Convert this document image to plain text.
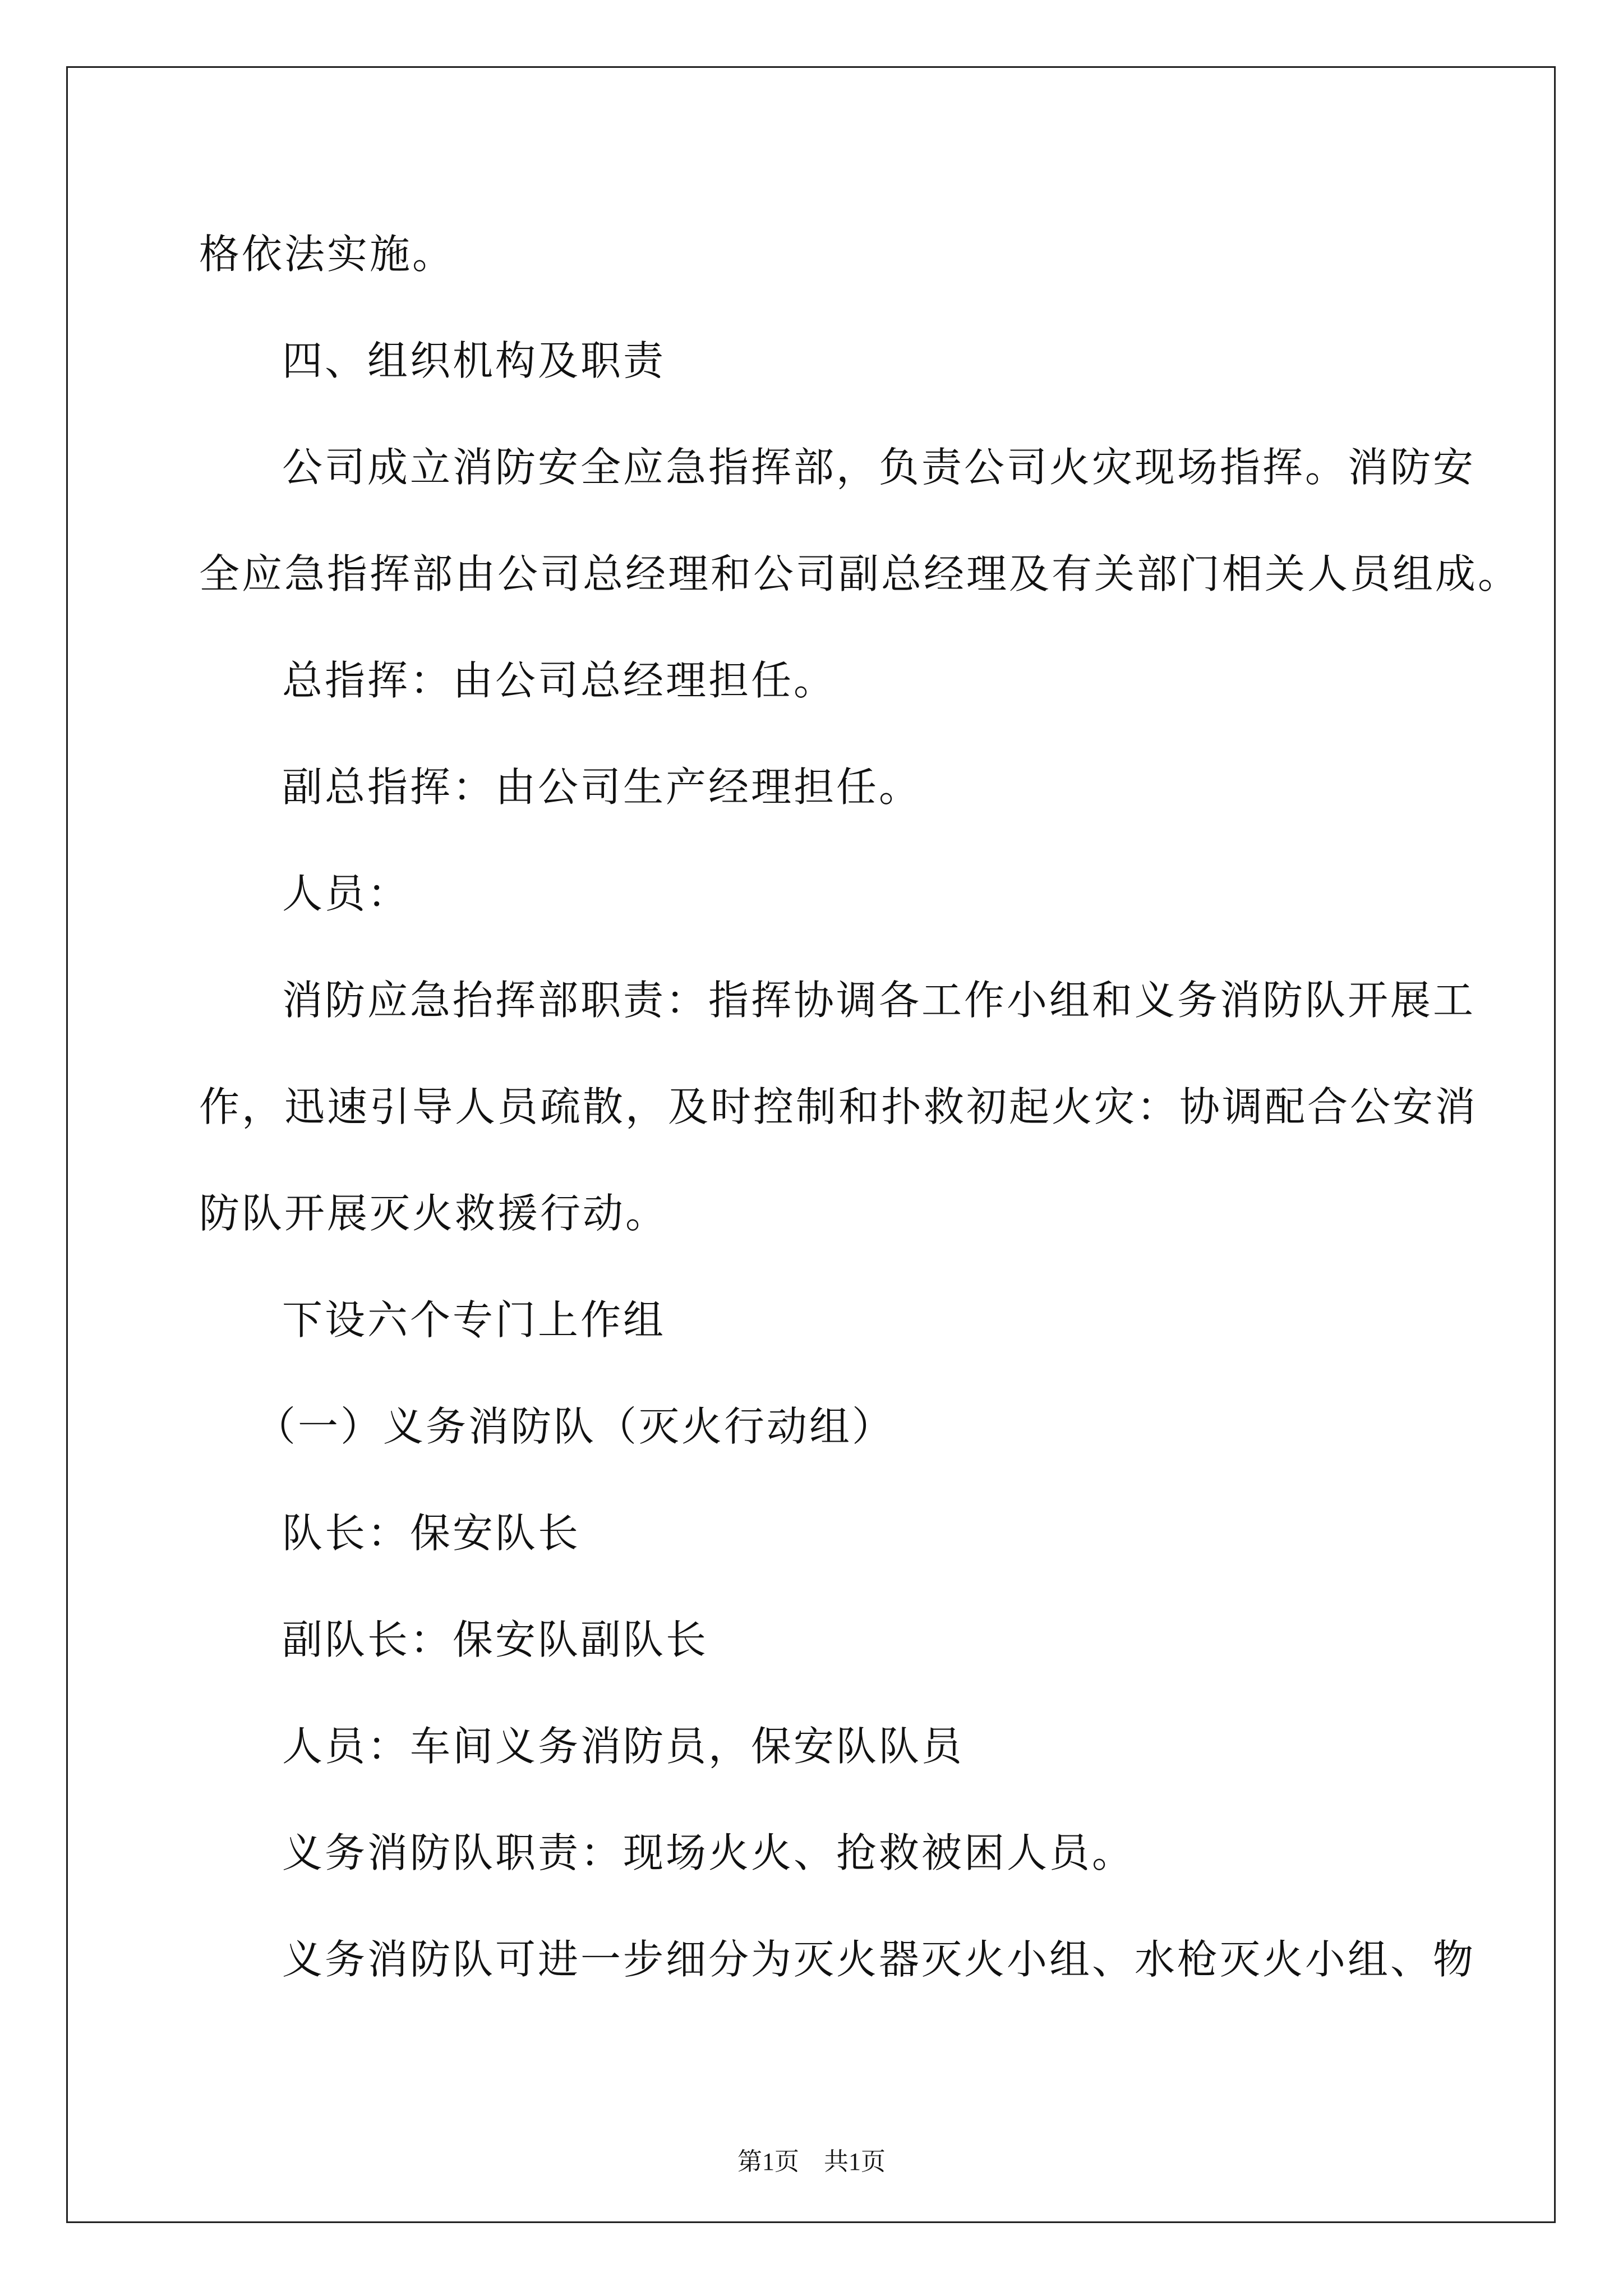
格依法实施。
四、组织机构及职责
公司成立消防安全应急指挥部，负责公司火灾现场指挥。消防安
全应急指挥部由公司总经理和公司副总经理及有关部门相关人员组成。
总指挥：由公司总经理担任。
副总指挥：由公司生产经理担任。
人员：
消防应急抬挥部职责：指挥协调各工作小组和义务消防队开展工
作，迅速引导人员疏散，及时控制和扑救初起火灾：协调配合公安消
防队开展灭火救援行动。
下设六个专门上作组
（一）义务消防队（灭火行动组）
队长：保安队长
副队长：保安队副队长
人员：车间义务消防员，保安队队员
义务消防队职责：现场火火、抢救被困人员。
义务消防队可进一步细分为灭火器灭火小组、水枪灭火小组、物
第1页　共1页
